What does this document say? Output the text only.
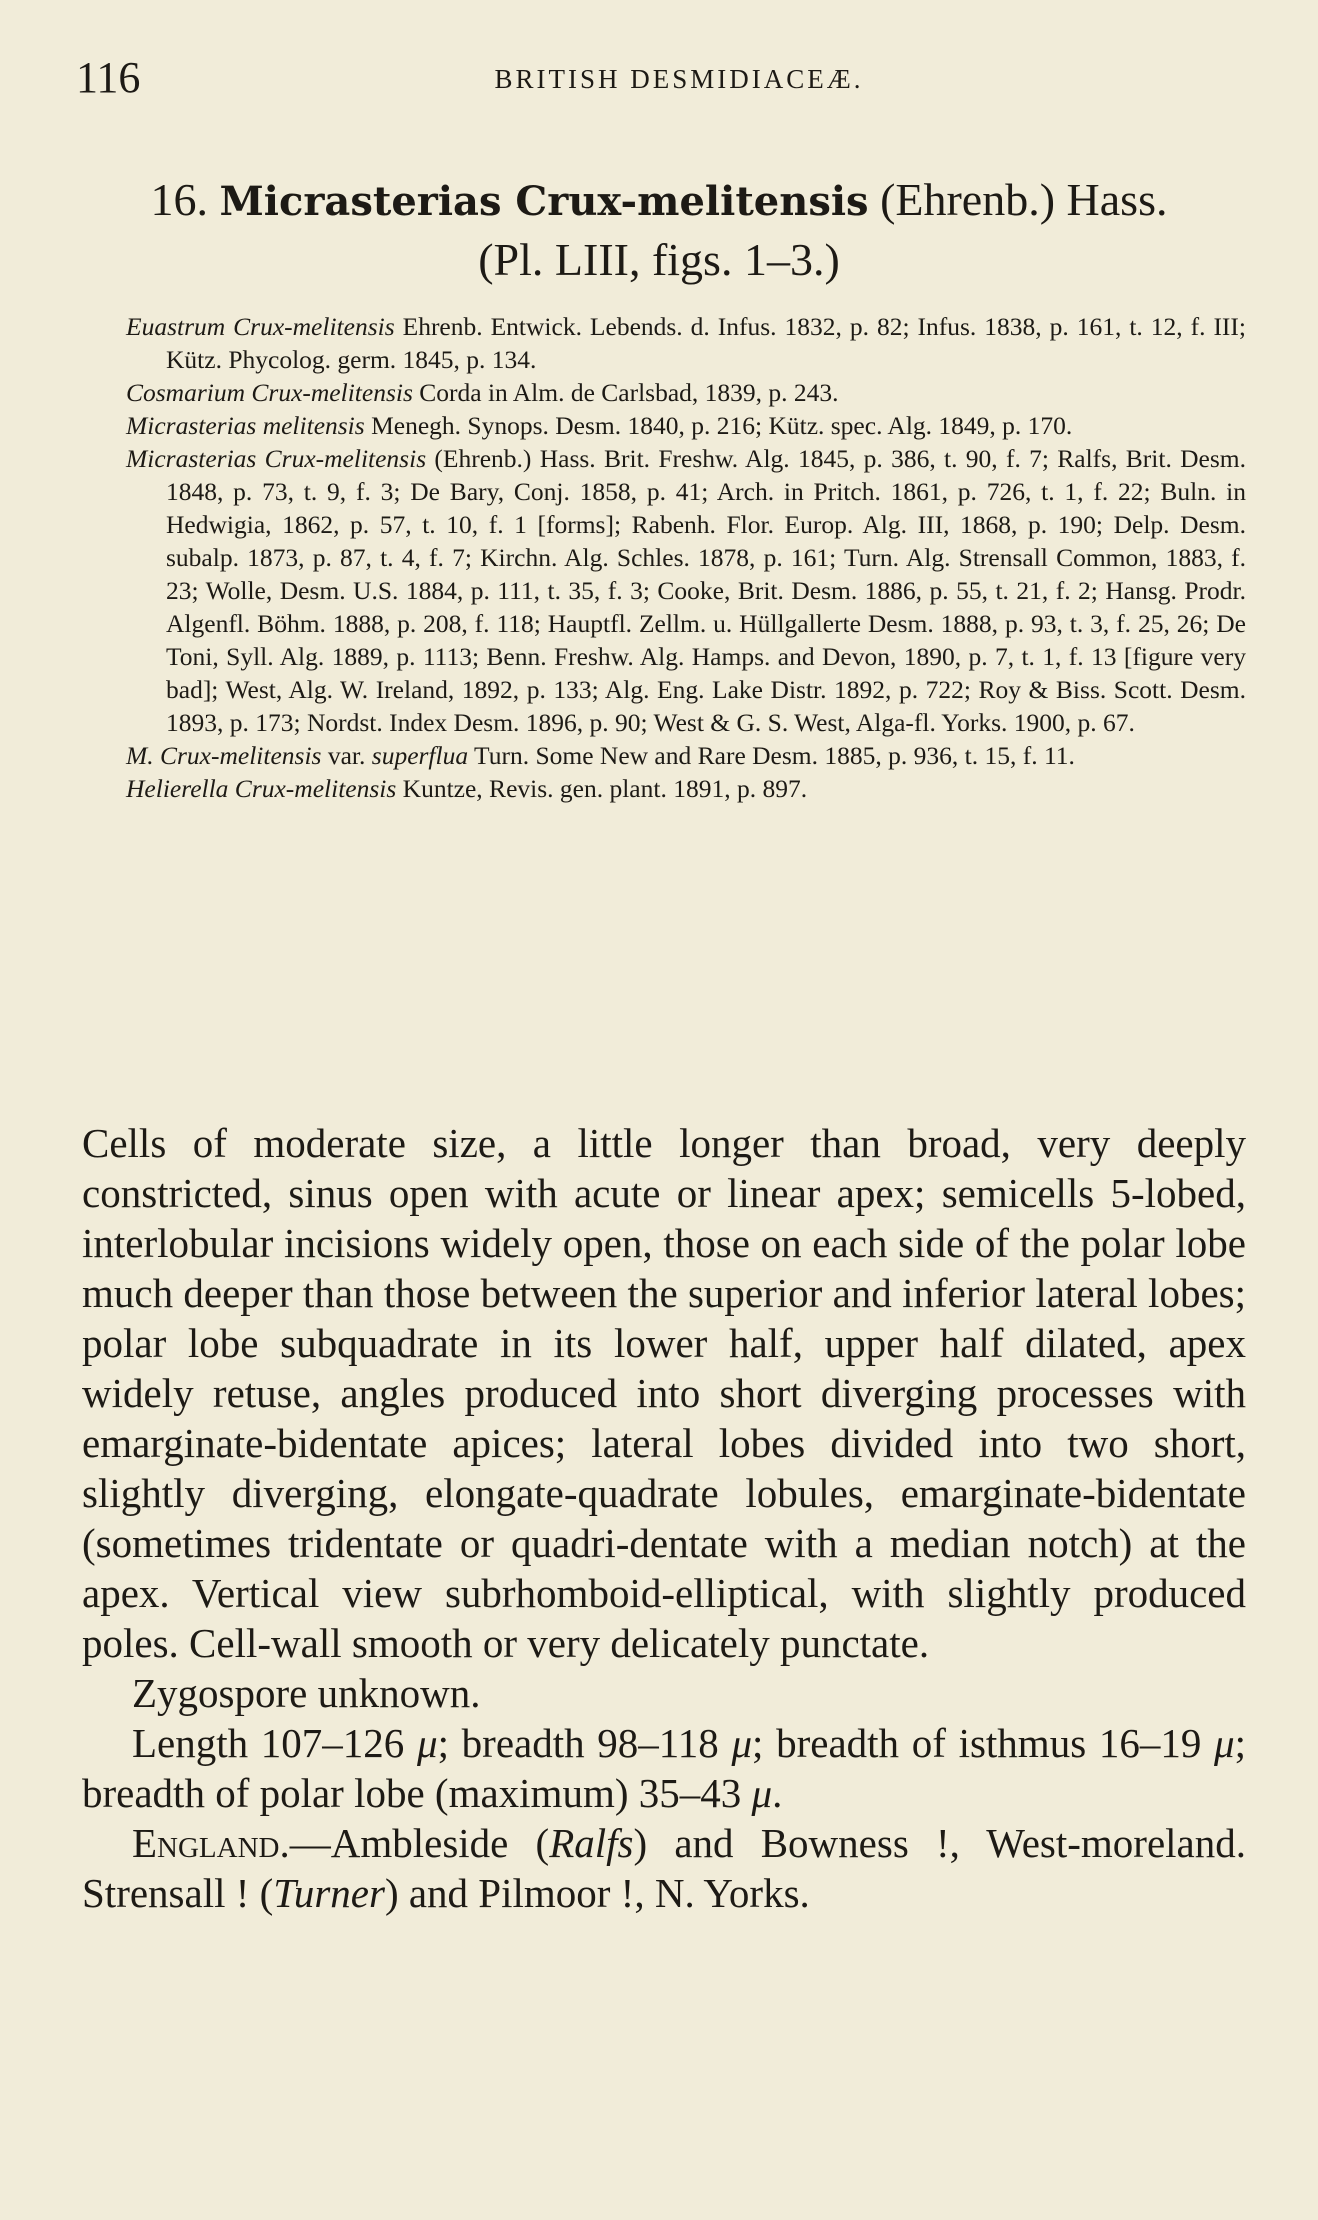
116	BRITISH DESMIDIACEÆ.
16. Micrasterias Crux-melitensis (Ehrenb.) Hass.
(Pl. LIII, figs. 1–3.)

Euastrum Crux-melitensis Ehrenb. Entwick. Lebends. d. Infus. 1832, p. 82; Infus. 1838, p. 161, t. 12, f. III; Kütz. Phycolog. germ. 1845, p. 134.

Cosmarium Crux-melitensis Corda in Alm. de Carlsbad, 1839, p. 243.

Micrasterias melitensis Menegh. Synops. Desm. 1840, p. 216; Kütz. spec. Alg. 1849, p. 170.

Micrasterias Crux-melitensis (Ehrenb.) Hass. Brit. Freshw. Alg. 1845, p. 386, t. 90, f. 7; Ralfs, Brit. Desm. 1848, p. 73, t. 9, f. 3; De Bary, Conj. 1858, p. 41; Arch. in Pritch. 1861, p. 726, t. 1, f. 22; Buln. in Hedwigia, 1862, p. 57, t. 10, f. 1 [forms]; Rabenh. Flor. Europ. Alg. III, 1868, p. 190; Delp. Desm. subalp. 1873, p. 87, t. 4, f. 7; Kirchn. Alg. Schles. 1878, p. 161; Turn. Alg. Strensall Common, 1883, f. 23; Wolle, Desm. U.S. 1884, p. 111, t. 35, f. 3; Cooke, Brit. Desm. 1886, p. 55, t. 21, f. 2; Hansg. Prodr. Algenfl. Böhm. 1888, p. 208, f. 118; Hauptfl. Zellm. u. Hüllgallerte Desm. 1888, p. 93, t. 3, f. 25, 26; De Toni, Syll. Alg. 1889, p. 1113; Benn. Freshw. Alg. Hamps. and Devon, 1890, p. 7, t. 1, f. 13 [figure very bad]; West, Alg. W. Ireland, 1892, p. 133; Alg. Eng. Lake Distr. 1892, p. 722; Roy & Biss. Scott. Desm. 1893, p. 173; Nordst. Index Desm. 1896, p. 90; West & G. S. West, Alga-fl. Yorks. 1900, p. 67.

M. Crux-melitensis var. superflua Turn. Some New and Rare Desm. 1885, p. 936, t. 15, f. 11.

Helierella Crux-melitensis Kuntze, Revis. gen. plant. 1891, p. 897.

Cells of moderate size, a little longer than broad, very deeply constricted, sinus open with acute or linear apex; semicells 5-lobed, interlobular incisions widely open, those on each side of the polar lobe much deeper than those between the superior and inferior lateral lobes; polar lobe subquadrate in its lower half, upper half dilated, apex widely retuse, angles produced into short diverging processes with emarginate-bidentate apices; lateral lobes divided into two short, slightly diverging, elongate-quadrate lobules, emarginate-bidentate (sometimes tridentate or quadri-dentate with a median notch) at the apex. Vertical view subrhomboid-elliptical, with slightly produced poles. Cell-wall smooth or very delicately punctate.

Zygospore unknown.

Length 107–126 μ; breadth 98–118 μ; breadth of isthmus 16–19 μ; breadth of polar lobe (maximum) 35–43 μ.

England.—Ambleside (Ralfs) and Bowness !, West-moreland. Strensall ! (Turner) and Pilmoor !, N. Yorks.
